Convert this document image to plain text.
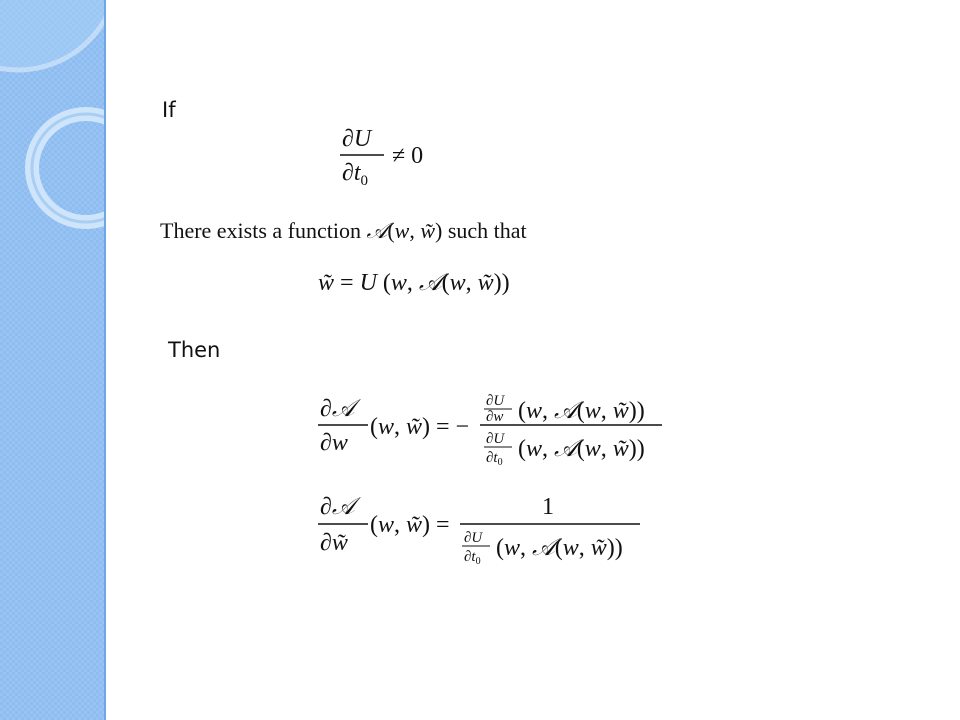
If
∂U
$\partial t_0$
≠ 0
There exists a function 𝒜(w, w̃) such that
w̃ = U (w, 𝒜(w, w̃))
Then
∂𝒜
∂w
(w, w̃) = −
∂U
∂w (w, 𝒜(w, w̃))
∂U
$\partial t_0$
(w, 𝒜(w, w̃))
∂𝒜
∂w̃
(w, w̃) =
1
∂U
$\partial t_0$
(w, 𝒜(w, w̃))
